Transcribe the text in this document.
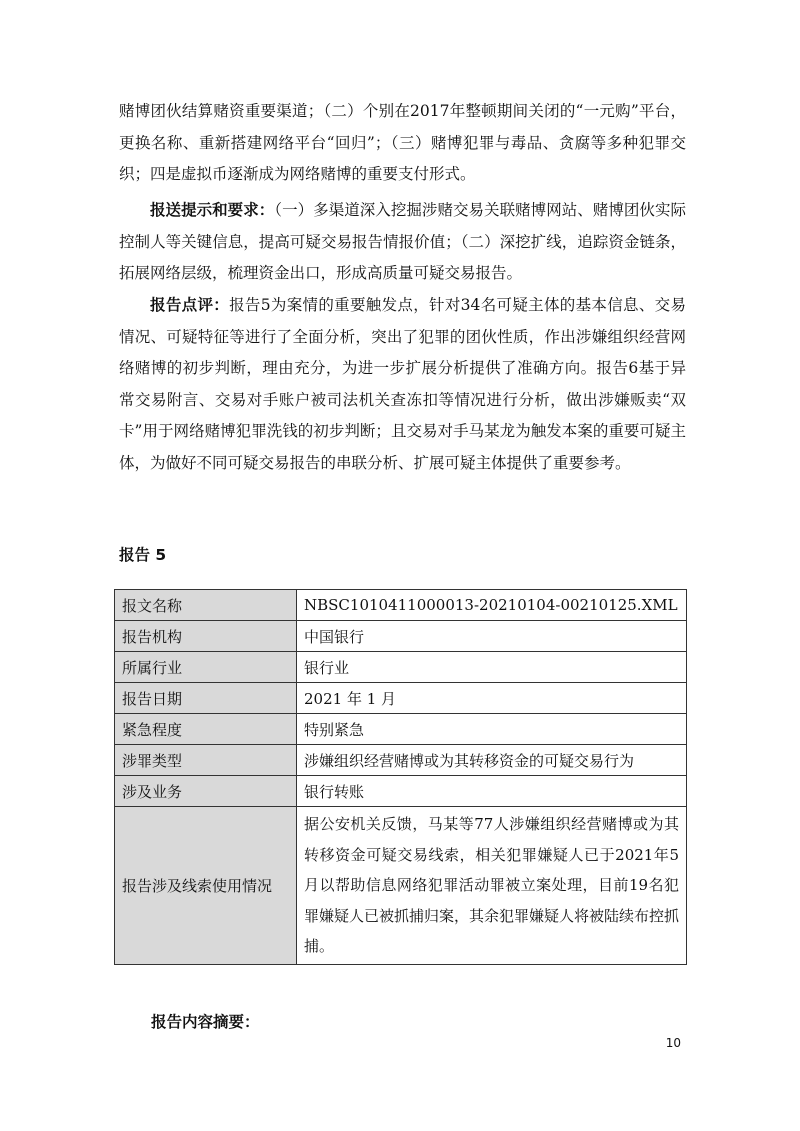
赌博团伙结算赌资重要渠道；（二）个别在2017年整顿期间关闭的“一元购”平台，更换名称、重新搭建网络平台“回归”；（三）赌博犯罪与毒品、贪腐等多种犯罪交织；四是虚拟币逐渐成为网络赌博的重要支付形式。

报送提示和要求：（一）多渠道深入挖掘涉赌交易关联赌博网站、赌博团伙实际控制人等关键信息，提高可疑交易报告情报价值；（二）深挖扩线，追踪资金链条，拓展网络层级，梳理资金出口，形成高质量可疑交易报告。

报告点评：报告5为案情的重要触发点，针对34名可疑主体的基本信息、交易情况、可疑特征等进行了全面分析，突出了犯罪的团伙性质，作出涉嫌组织经营网络赌博的初步判断，理由充分，为进一步扩展分析提供了准确方向。报告6基于异常交易附言、交易对手账户被司法机关查冻扣等情况进行分析，做出涉嫌贩卖“双卡”用于网络赌博犯罪洗钱的初步判断；且交易对手马某龙为触发本案的重要可疑主体，为做好不同可疑交易报告的串联分析、扩展可疑主体提供了重要参考。

报告 5
报文名称	NBSC1010411000013-20210104-00210125.XML
报告机构	中国银行
所属行业	银行业
报告日期	2021 年 1 月
紧急程度	特别紧急
涉罪类型	涉嫌组织经营赌博或为其转移资金的可疑交易行为
涉及业务	银行转账
报告涉及线索使用情况	据公安机关反馈，马某等77人涉嫌组织经营赌博或为其转移资金可疑交易线索，相关犯罪嫌疑人已于2021年5月以帮助信息网络犯罪活动罪被立案处理，目前19名犯罪嫌疑人已被抓捕归案，其余犯罪嫌疑人将被陆续布控抓捕。
报告内容摘要：
10
